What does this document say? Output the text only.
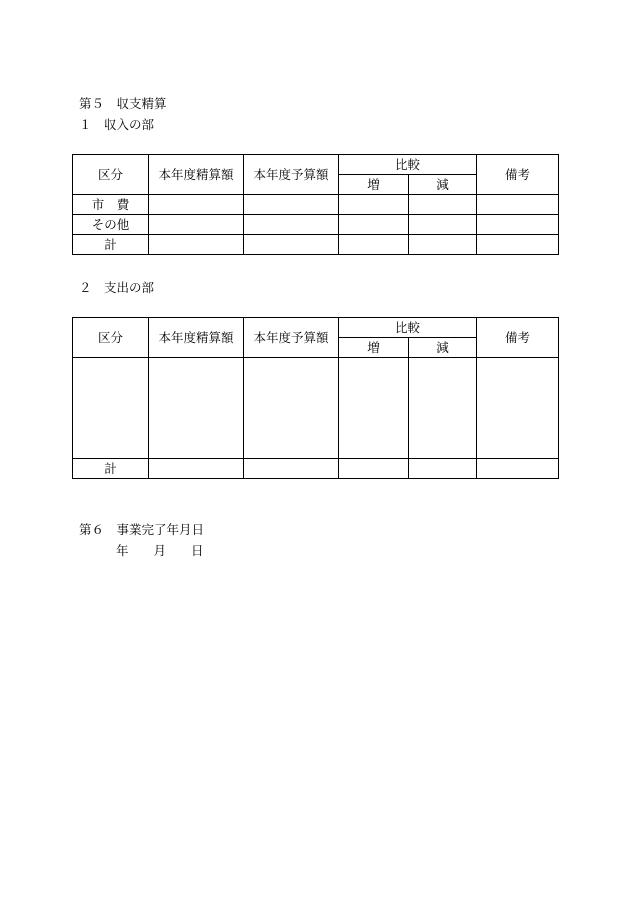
第５　収支精算
１　収入の部
区分	本年度精算額	本年度予算額	比較		備考
			増	減	
市　費					
その他					
計					
２　支出の部
区分	本年度精算額	本年度予算額	比較		備考
			増	減	

計					
第６　事業完了年月日
年　　月　　日
